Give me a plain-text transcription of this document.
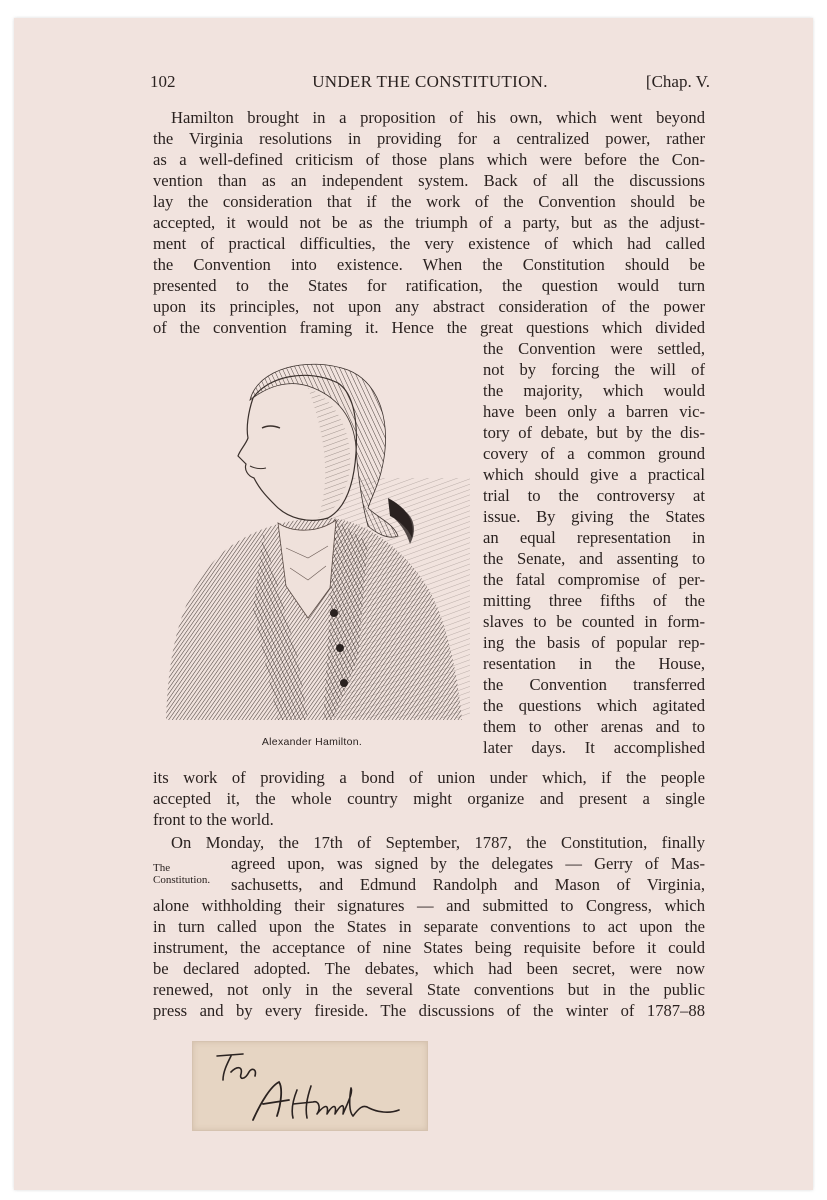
102	UNDER THE CONSTITUTION.	[Chap. V.
Hamilton brought in a proposition of his own, which went beyond
the Virginia resolutions in providing for a centralized power, rather
as a well-defined criticism of those plans which were before the Con-
vention than as an independent system. Back of all the discussions
lay the consideration that if the work of the Convention should be
accepted, it would not be as the triumph of a party, but as the adjust-
ment of practical difficulties, the very existence of which had called
the Convention into existence. When the Constitution should be
presented to the States for ratification, the question would turn
upon its principles, not upon any abstract consideration of the power
of the convention framing it. Hence the great questions which divided
the Convention were settled,
not by forcing the will of
the majority, which would
have been only a barren vic-
tory of debate, but by the dis-
covery of a common ground
which should give a practical
trial to the controversy at
issue. By giving the States
an equal representation in
the Senate, and assenting to
the fatal compromise of per-
mitting three fifths of the
slaves to be counted in form-
ing the basis of popular rep-
resentation in the House,
the Convention transferred
the questions which agitated
them to other arenas and to
later days. It accomplished
Alexander Hamilton.
its work of providing a bond of union under which, if the people
accepted it, the whole country might organize and present a single
front to the world.
On Monday, the 17th of September, 1787, the Constitution, finally
The Constitution.
agreed upon, was signed by the delegates — Gerry of Mas-
sachusetts, and Edmund Randolph and Mason of Virginia,
alone withholding their signatures — and submitted to Congress, which
in turn called upon the States in separate conventions to act upon the
instrument, the acceptance of nine States being requisite before it could
be declared adopted. The debates, which had been secret, were now
renewed, not only in the several State conventions but in the public
press and by every fireside. The discussions of the winter of 1787–88
